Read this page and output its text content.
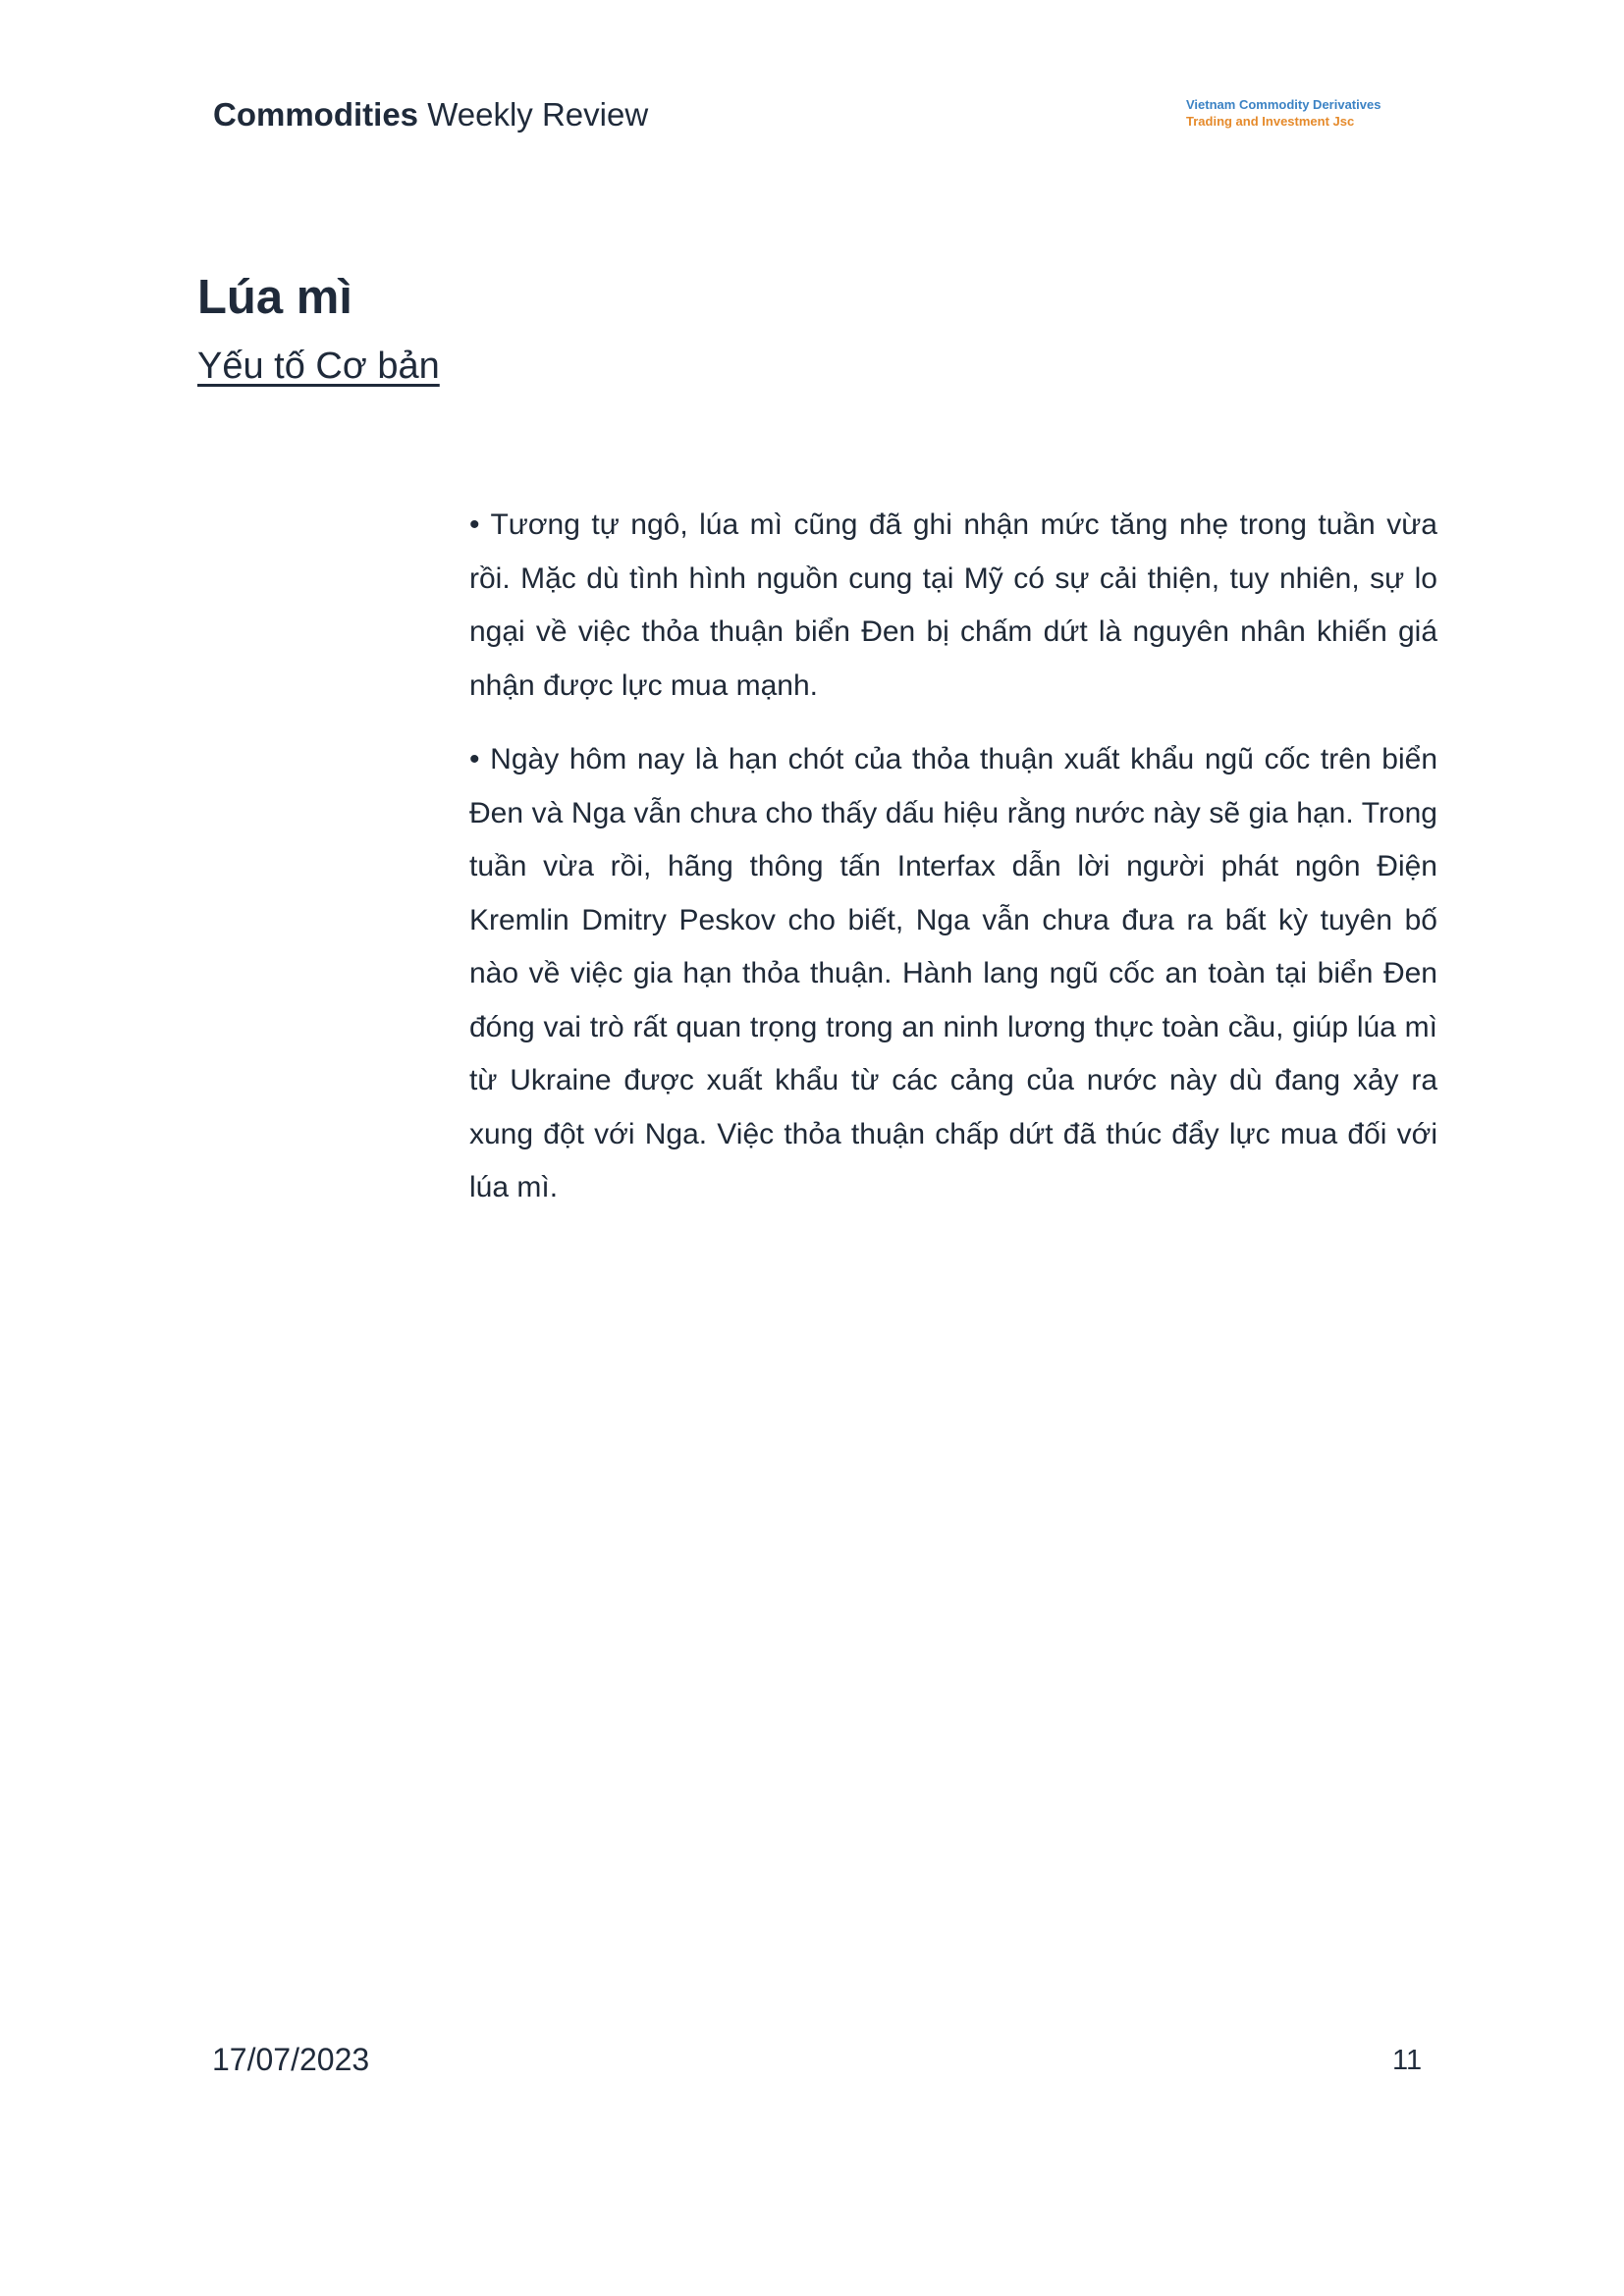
Commodities Weekly Review	Vietnam Commodity Derivatives
Trading and Investment Jsc
Lúa mì
Yếu tố Cơ bản

• Tương tự ngô, lúa mì cũng đã ghi nhận mức tăng nhẹ trong tuần vừa rồi. Mặc dù tình hình nguồn cung tại Mỹ có sự cải thiện, tuy nhiên, sự lo ngại về việc thỏa thuận biển Đen bị chấm dứt là nguyên nhân khiến giá nhận được lực mua mạnh.

• Ngày hôm nay là hạn chót của thỏa thuận xuất khẩu ngũ cốc trên biển Đen và Nga vẫn chưa cho thấy dấu hiệu rằng nước này sẽ gia hạn. Trong tuần vừa rồi, hãng thông tấn Interfax dẫn lời người phát ngôn Điện Kremlin Dmitry Peskov cho biết, Nga vẫn chưa đưa ra bất kỳ tuyên bố nào về việc gia hạn thỏa thuận. Hành lang ngũ cốc an toàn tại biển Đen đóng vai trò rất quan trọng trong an ninh lương thực toàn cầu, giúp lúa mì từ Ukraine được xuất khẩu từ các cảng của nước này dù đang xảy ra xung đột với Nga. Việc thỏa thuận chấp dứt đã thúc đẩy lực mua đối với lúa mì.

17/07/2023	11
